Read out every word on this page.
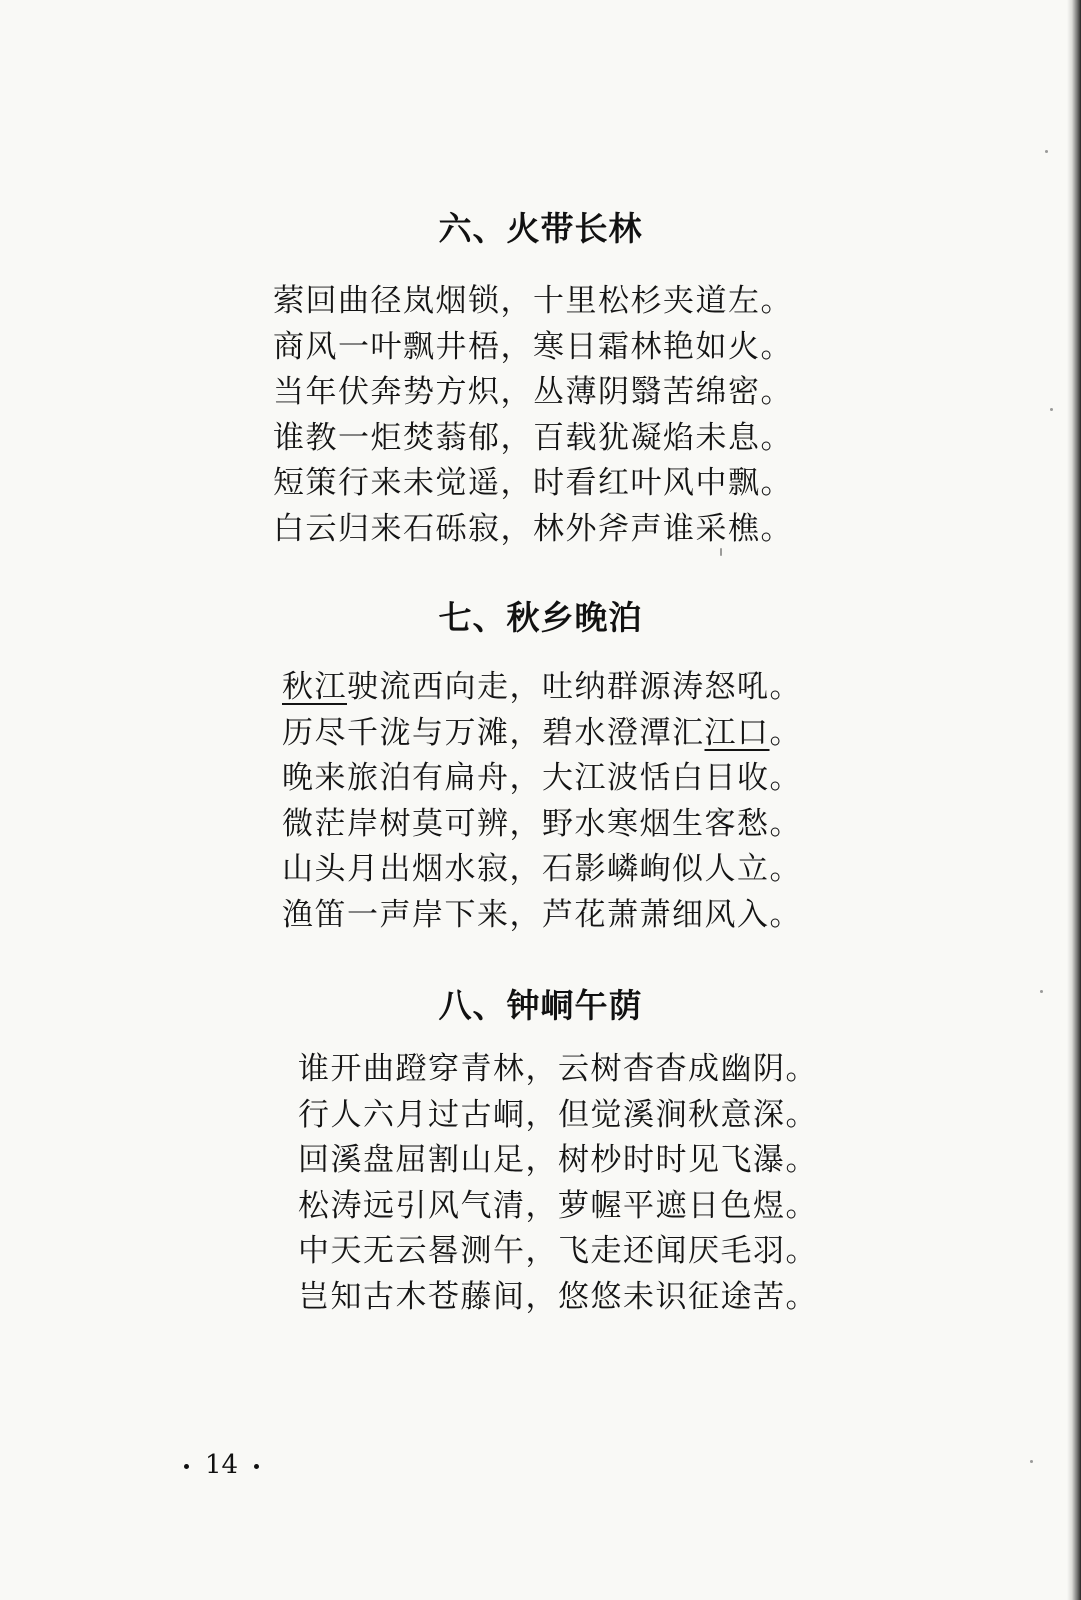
六、火带长林
萦回曲径岚烟锁，十里松杉夹道左。
商风一叶飘井梧，寒日霜林艳如火。
当年伏奔势方炽，丛薄阴翳苦绵密。
谁教一炬焚蓊郁，百载犹凝焰未息。
短策行来未觉遥，时看红叶风中飘。
白云归来石砾寂，林外斧声谁采樵。
七、秋乡晚泊
秋江驶流西向走，吐纳群源涛怒吼。
历尽千泷与万滩，碧水澄潭汇江口。
晚来旅泊有扁舟，大江波恬白日收。
微茫岸树莫可辨，野水寒烟生客愁。
山头月出烟水寂，石影嶙峋似人立。
渔笛一声岸下来，芦花萧萧细风入。
八、钟峒午荫
谁开曲蹬穿青林，云树杳杳成幽阴。
行人六月过古峒，但觉溪涧秋意深。
回溪盘屈割山足，树杪时时见飞瀑。
松涛远引风气清，萝幄平遮日色煜。
中天无云晷测午，飞走还闻厌毛羽。
岂知古木苍藤间，悠悠未识征途苦。
14
